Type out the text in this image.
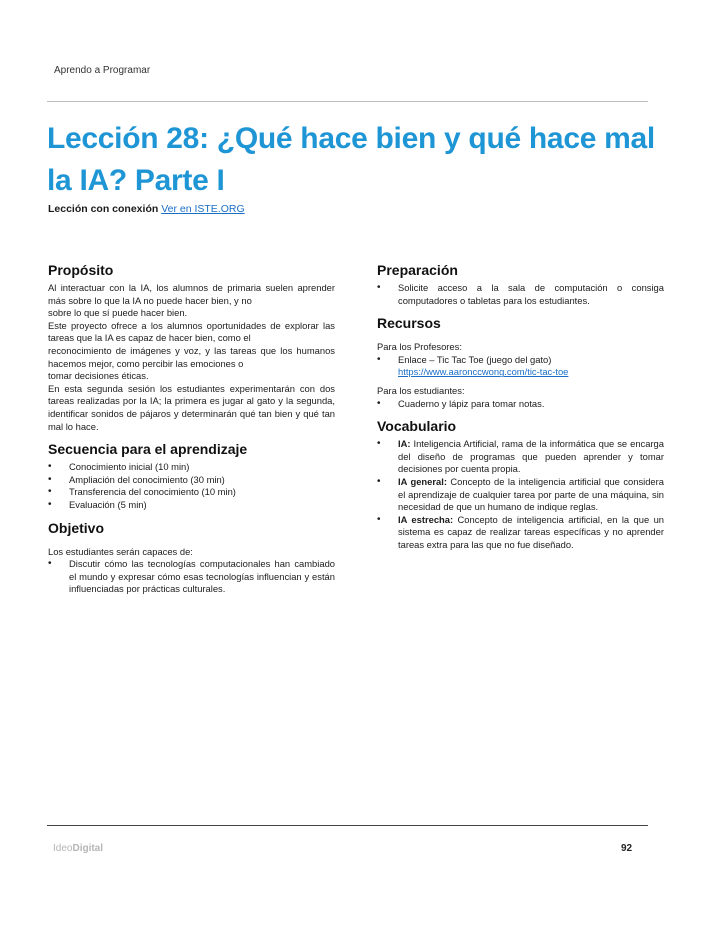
Aprendo a Programar
Lección 28: ¿Qué hace bien y qué hace mal la IA? Parte I
Lección con conexión Ver en ISTE.ORG
Propósito

Al interactuar con la IA, los alumnos de primaria suelen aprender más sobre lo que la IA no puede hacer bien, y no

sobre lo que sí puede hacer bien.

Este proyecto ofrece a los alumnos oportunidades de explorar las tareas que la IA es capaz de hacer bien, como el

reconocimiento de imágenes y voz, y las tareas que los humanos hacemos mejor, como percibir las emociones o

tomar decisiones éticas.

En esta segunda sesión los estudiantes experimentarán con dos tareas realizadas por la IA; la primera es jugar al gato y la segunda, identificar sonidos de pájaros y determinarán qué tan bien y qué tan mal lo hace.

Secuencia para el aprendizaje
• Conocimiento inicial (10 min)
• Ampliación del conocimiento (30 min)
• Transferencia del conocimiento (10 min)
• Evaluación (5 min)
Objetivo

Los estudiantes serán capaces de:

• Discutir cómo las tecnologías computacionales han cambiado el mundo y expresar cómo esas tecnologías influencian y están influenciadas por prácticas culturales.
Preparación
• Solicite acceso a la sala de computación o consiga computadores o tabletas para los estudiantes.
Recursos

Para los Profesores:

• Enlace – Tic Tac Toe (juego del gato)
https://www.aaronccwong.com/tic-tac-toe

Para los estudiantes:

• Cuaderno y lápiz para tomar notas.
Vocabulario
• IA: Inteligencia Artificial, rama de la informática que se encarga del diseño de programas que pueden aprender y tomar decisiones por cuenta propia.
• IA general: Concepto de la inteligencia artificial que considera el aprendizaje de cualquier tarea por parte de una máquina, sin necesidad de que un humano de indique reglas.
• IA estrecha: Concepto de inteligencia artificial, en la que un sistema es capaz de realizar tareas específicas y no aprender tareas extra para las que no fue diseñado.
IdeoDigital	92
